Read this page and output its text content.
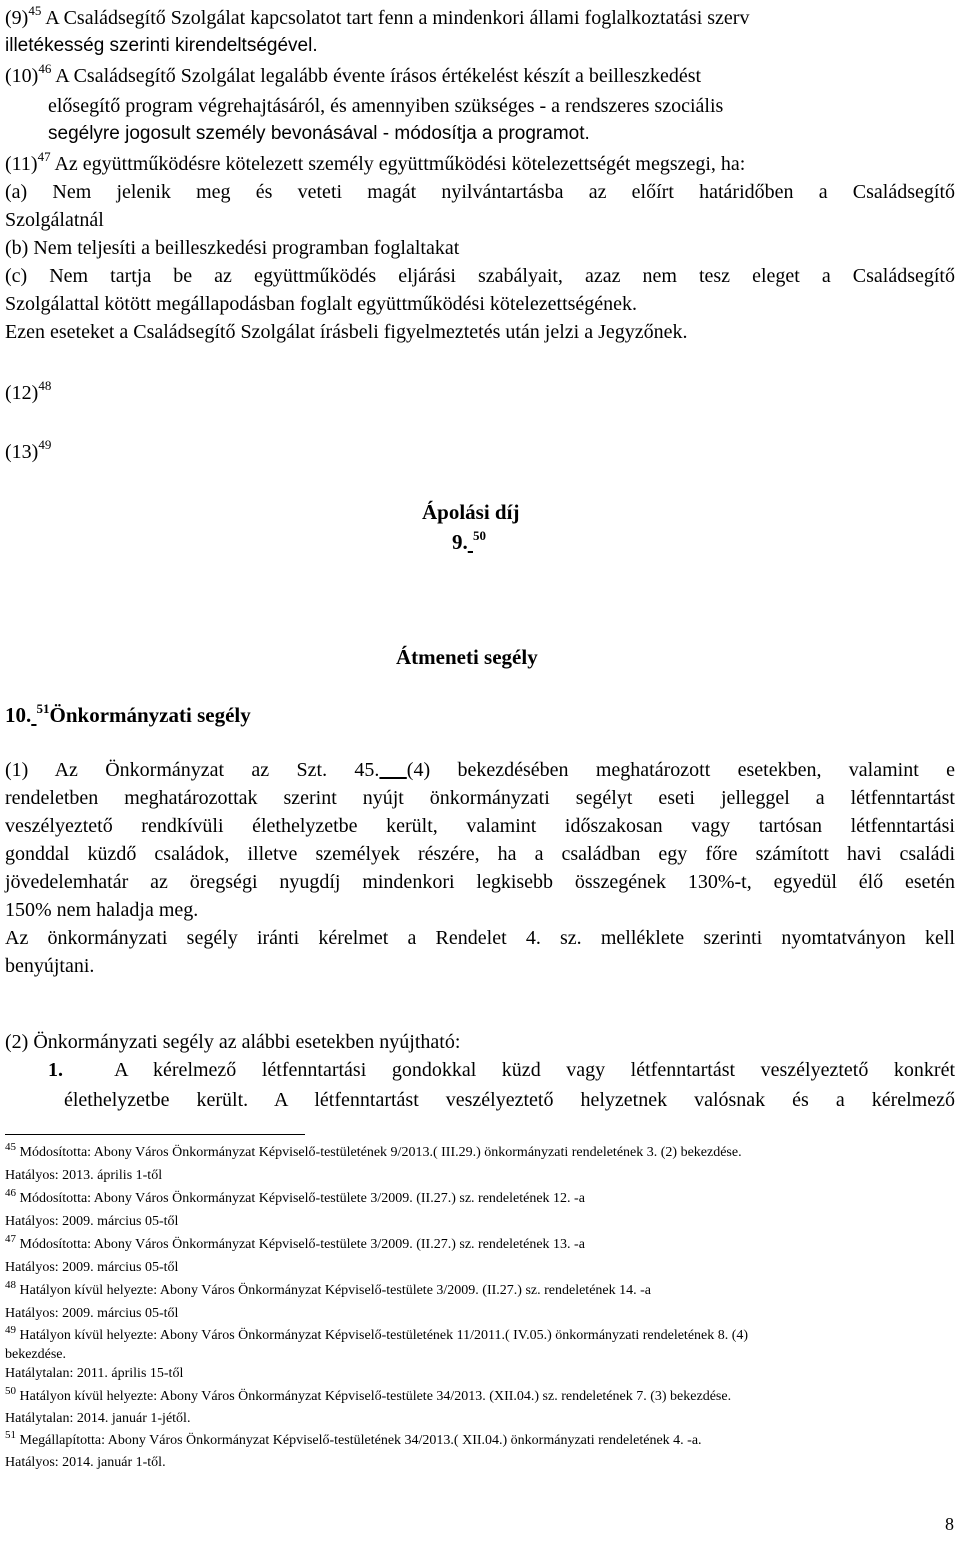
$(9)^{45}$ A Családsegítő Szolgálat kapcsolatot tart fenn a mindenkori állami foglalkoztatási szerv
illetékesség szerinti kirendeltségével.
$(10)^{46}$ A Családsegítő Szolgálat legalább évente írásos értékelést készít a beilleszkedést
elősegítő program végrehajtásáról, és amennyiben szükséges - a rendszeres szociális
segélyre jogosult személy bevonásával - módosítja a programot.
$(11)^{47}$ Az együttműködésre kötelezett személy együttműködési kötelezettségét megszegi, ha:
(a) Nem jelenik meg és veteti magát nyilvántartásba az előírt határidőben a Családsegítő
Szolgálatnál
(b) Nem teljesíti a beilleszkedési programban foglaltakat
(c) Nem tartja be az együttműködés eljárási szabályait, azaz nem tesz eleget a Családsegítő
Szolgálattal kötött megállapodásban foglalt együttműködési kötelezettségének.
Ezen eseteket a Családsegítő Szolgálat írásbeli figyelmeztetés után jelzi a Jegyzőnek.
$(12)^{48}$
$(13)^{49}$
Ápolási díj
9. $^{50}$
Átmeneti segély
10. $^{51}$Önkormányzati segély
(1) Az Önkormányzat az Szt. 45. (4) bekezdésében meghatározott esetekben, valamint e
rendeletben meghatározottak szerint nyújt önkormányzati segélyt eseti jelleggel a létfenntartást
veszélyeztető rendkívüli élethelyzetbe került, valamint időszakosan vagy tartósan létfenntartási
gonddal küzdő családok, illetve személyek részére, ha a családban egy főre számított havi családi
jövedelemhatár az öregségi nyugdíj mindenkori legkisebb összegének 130%-t, egyedül élő esetén
150% nem haladja meg.
Az önkormányzati segély iránti kérelmet a Rendelet 4. sz. melléklete szerinti nyomtatványon kell
benyújtani.
(2) Önkormányzati segély az alábbi esetekben nyújtható:
1.	A kérelmező létfenntartási gondokkal küzd vagy létfenntartást veszélyeztető konkrét
élethelyzetbe került. A létfenntartást veszélyeztető helyzetnek valósnak és a kérelmező
$^{45}$ Módosította: Abony Város Önkormányzat Képviselő-testületének 9/2013.( III.29.) önkormányzati rendeletének 3. (2) bekezdése.
Hatályos: 2013. április 1-től
$^{46}$ Módosította: Abony Város Önkormányzat Képviselő-testülete 3/2009. (II.27.) sz. rendeletének 12. -a
Hatályos: 2009. március 05-től
$^{47}$ Módosította: Abony Város Önkormányzat Képviselő-testülete 3/2009. (II.27.) sz. rendeletének 13. -a
Hatályos: 2009. március 05-től
$^{48}$ Hatályon kívül helyezte: Abony Város Önkormányzat Képviselő-testülete 3/2009. (II.27.) sz. rendeletének 14. -a
Hatályos: 2009. március 05-től
$^{49}$ Hatályon kívül helyezte: Abony Város Önkormányzat Képviselő-testületének 11/2011.( IV.05.) önkormányzati rendeletének 8. (4)
bekezdése.
Hatálytalan: 2011. április 15-től
$^{50}$ Hatályon kívül helyezte: Abony Város Önkormányzat Képviselő-testülete 34/2013. (XII.04.) sz. rendeletének 7. (3) bekezdése.
Hatálytalan: 2014. január 1-jétől.
$^{51}$ Megállapította: Abony Város Önkormányzat Képviselő-testületének 34/2013.( XII.04.) önkormányzati rendeletének 4. -a.
Hatályos: 2014. január 1-től.
8
